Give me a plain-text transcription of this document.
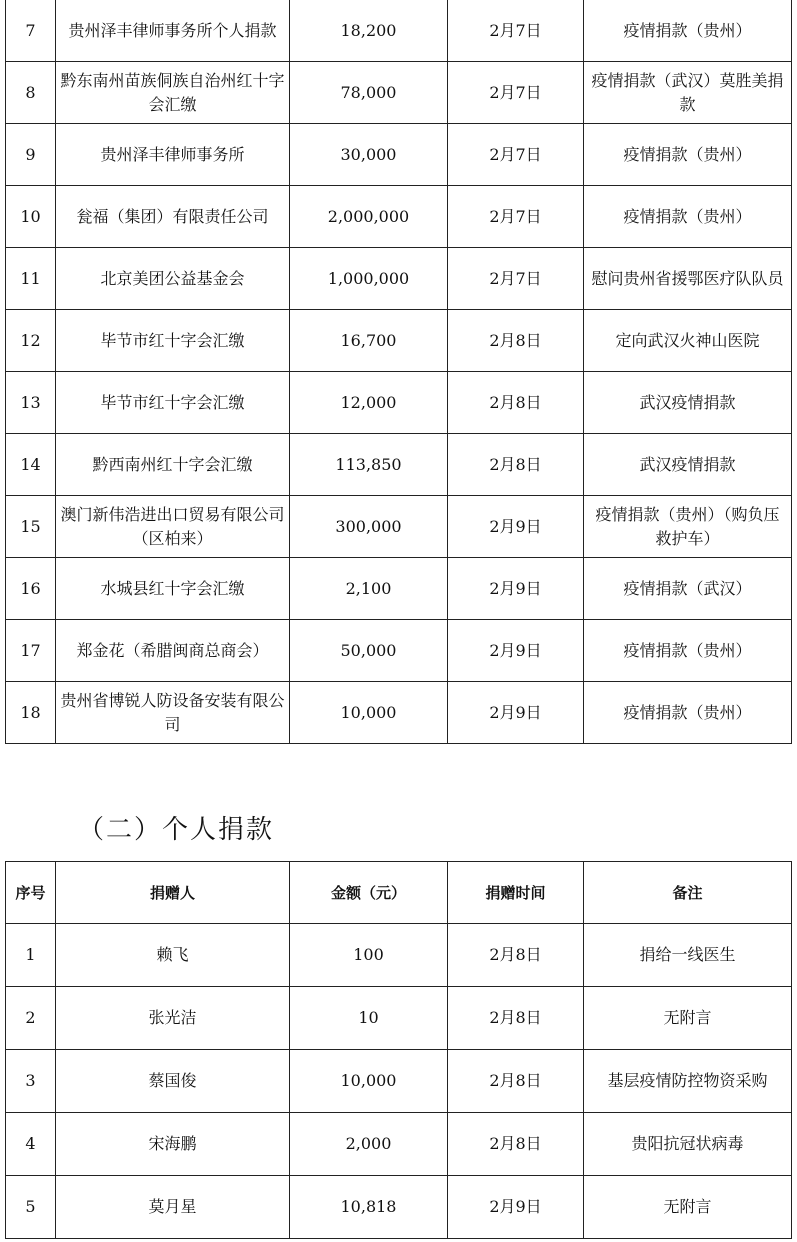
7	贵州泽丰律师事务所个人捐款	18,200	2月7日	疫情捐款（贵州）
8	黔东南州苗族侗族自治州红十字会汇缴	78,000	2月7日	疫情捐款（武汉）莫胜美捐款
9	贵州泽丰律师事务所	30,000	2月7日	疫情捐款（贵州）
10	瓮福（集团）有限责任公司	2,000,000	2月7日	疫情捐款（贵州）
11	北京美团公益基金会	1,000,000	2月7日	慰问贵州省援鄂医疗队队员
12	毕节市红十字会汇缴	16,700	2月8日	定向武汉火神山医院
13	毕节市红十字会汇缴	12,000	2月8日	武汉疫情捐款
14	黔西南州红十字会汇缴	113,850	2月8日	武汉疫情捐款
15	澳门新伟浩进出口贸易有限公司（区柏来）	300,000	2月9日	疫情捐款（贵州）（购负压救护车）
16	水城县红十字会汇缴	2,100	2月9日	疫情捐款（武汉）
17	郑金花（希腊闽商总商会）	50,000	2月9日	疫情捐款（贵州）
18	贵州省博锐人防设备安装有限公司	10,000	2月9日	疫情捐款（贵州）
（二）个人捐款
序号	捐赠人	金额（元）	捐赠时间	备注
1	赖飞	100	2月8日	捐给一线医生
2	张光洁	10	2月8日	无附言
3	蔡国俊	10,000	2月8日	基层疫情防控物资采购
4	宋海鹏	2,000	2月8日	贵阳抗冠状病毒
5	莫月星	10,818	2月9日	无附言
